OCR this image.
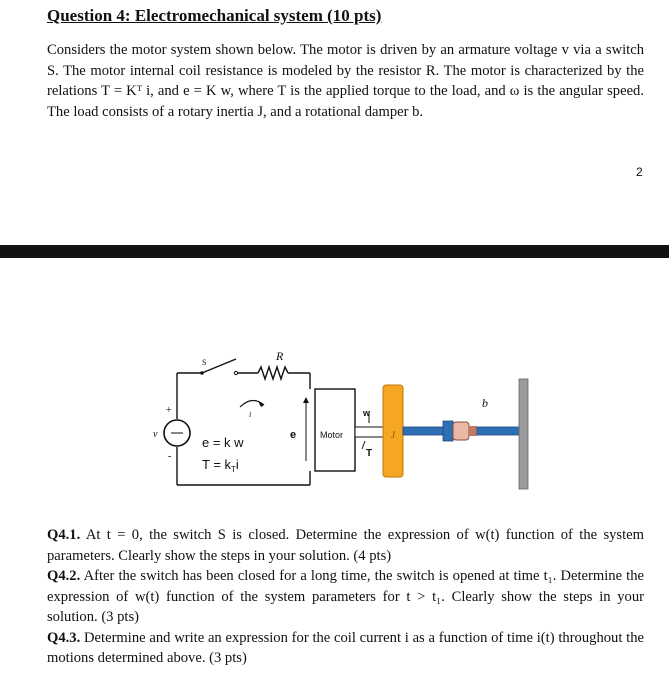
Question 4: Electromechanical system (10 pts)
Considers the motor system shown below. The motor is driven by an armature voltage v via a switch S. The motor internal coil resistance is modeled by the resistor R. The motor is characterized by the relations T = Kᵀ i, and e = K w, where T is the applied torque to the load, and ω is the angular speed. The load consists of a rotary inertia J, and a rotational damper b.
2
S	R
i
v
+
-
b
J
e	Motor
w
T
e = k w
$T = k_Ti$

Q4.1. At t = 0, the switch S is closed. Determine the expression of w(t) function of the system parameters. Clearly show the steps in your solution. (4 pts)

Q4.2. After the switch has been closed for a long time, the switch is opened at time t₁. Determine the expression of w(t) function of the system parameters for t > t₁. Clearly show the steps in your solution. (3 pts)

Q4.3. Determine and write an expression for the coil current i as a function of time i(t) throughout the motions determined above. (3 pts)
